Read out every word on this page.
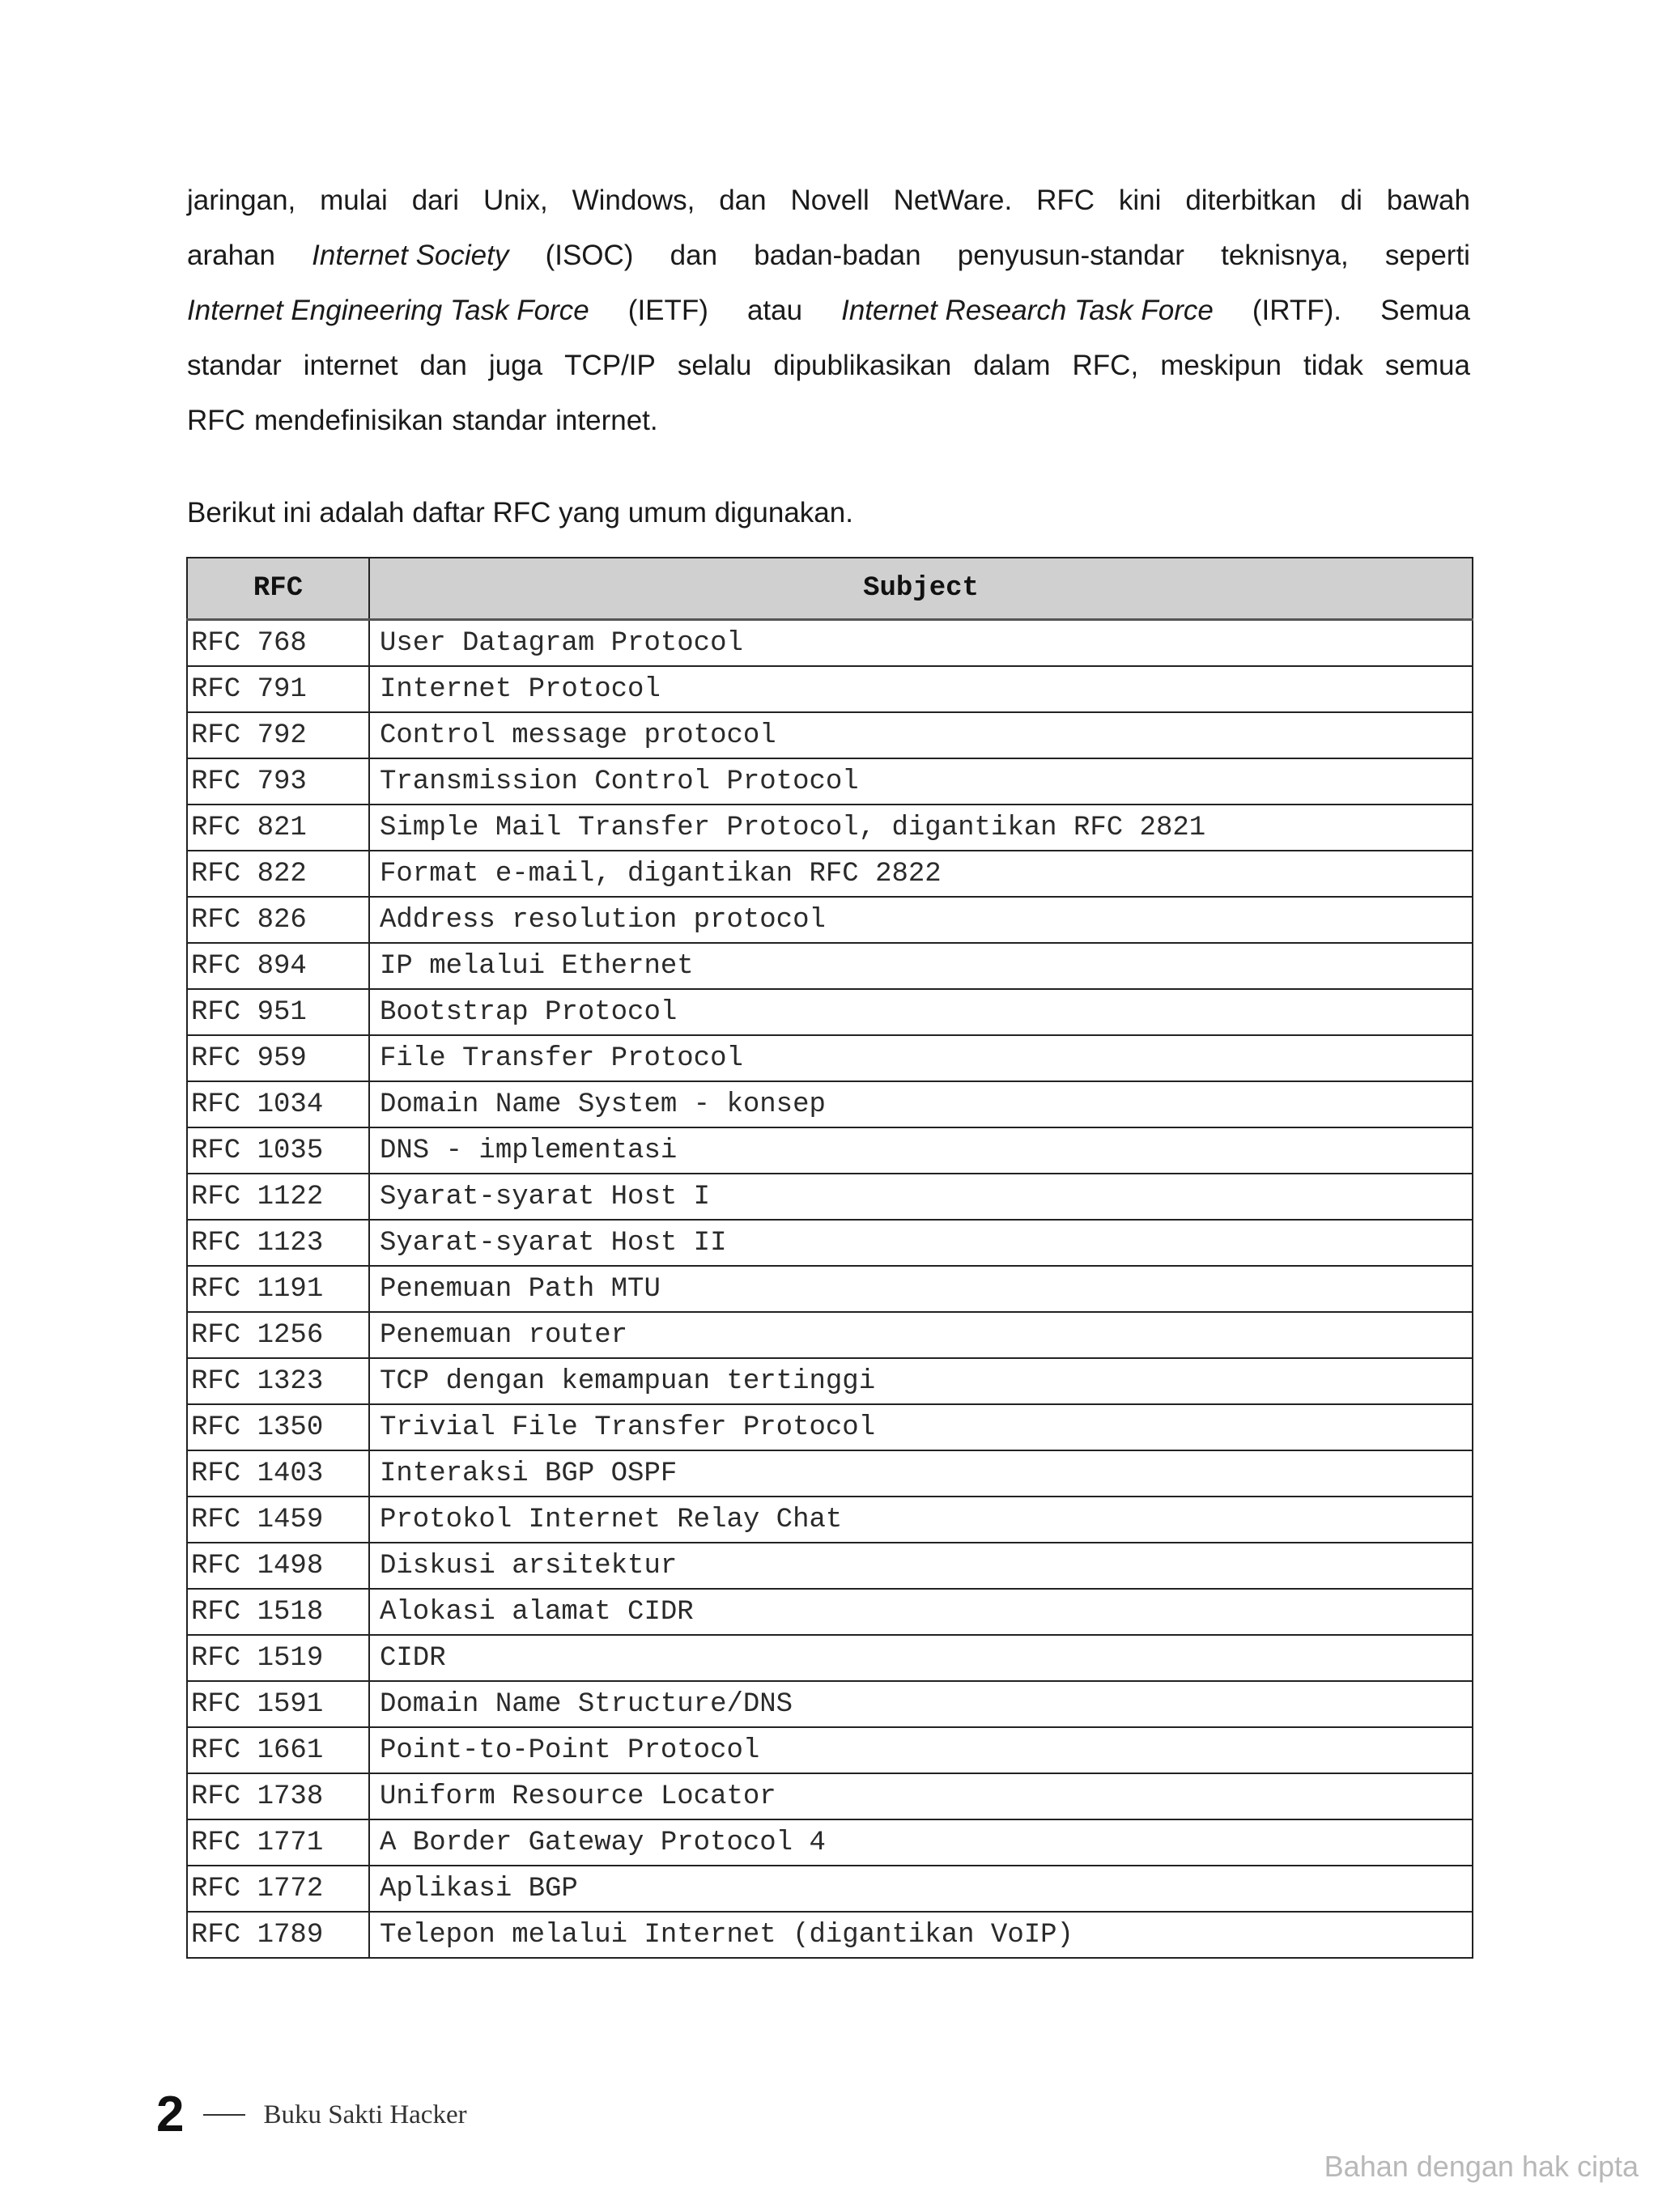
jaringan, mulai dari Unix, Windows, dan Novell NetWare. RFC kini diterbitkan di bawah
arahan Internet Society (ISOC) dan badan-badan penyusun-standar teknisnya, seperti
Internet Engineering Task Force (IETF) atau Internet Research Task Force (IRTF). Semua
standar internet dan juga TCP/IP selalu dipublikasikan dalam RFC, meskipun tidak semua
RFC mendefinisikan standar internet.
Berikut ini adalah daftar RFC yang umum digunakan.
RFC	Subject
RFC 768	User Datagram Protocol
RFC 791	Internet Protocol
RFC 792	Control message protocol
RFC 793	Transmission Control Protocol
RFC 821	Simple Mail Transfer Protocol, digantikan RFC 2821
RFC 822	Format e-mail, digantikan RFC 2822
RFC 826	Address resolution protocol
RFC 894	IP melalui Ethernet
RFC 951	Bootstrap Protocol
RFC 959	File Transfer Protocol
RFC 1034	Domain Name System - konsep
RFC 1035	DNS - implementasi
RFC 1122	Syarat-syarat Host I
RFC 1123	Syarat-syarat Host II
RFC 1191	Penemuan Path MTU
RFC 1256	Penemuan router
RFC 1323	TCP dengan kemampuan tertinggi
RFC 1350	Trivial File Transfer Protocol
RFC 1403	Interaksi BGP OSPF
RFC 1459	Protokol Internet Relay Chat
RFC 1498	Diskusi arsitektur
RFC 1518	Alokasi alamat CIDR
RFC 1519	CIDR
RFC 1591	Domain Name Structure/DNS
RFC 1661	Point-to-Point Protocol
RFC 1738	Uniform Resource Locator
RFC 1771	A Border Gateway Protocol 4
RFC 1772	Aplikasi BGP
RFC 1789	Telepon melalui Internet (digantikan VoIP)
2	Buku Sakti Hacker
Bahan dengan hak cipta
